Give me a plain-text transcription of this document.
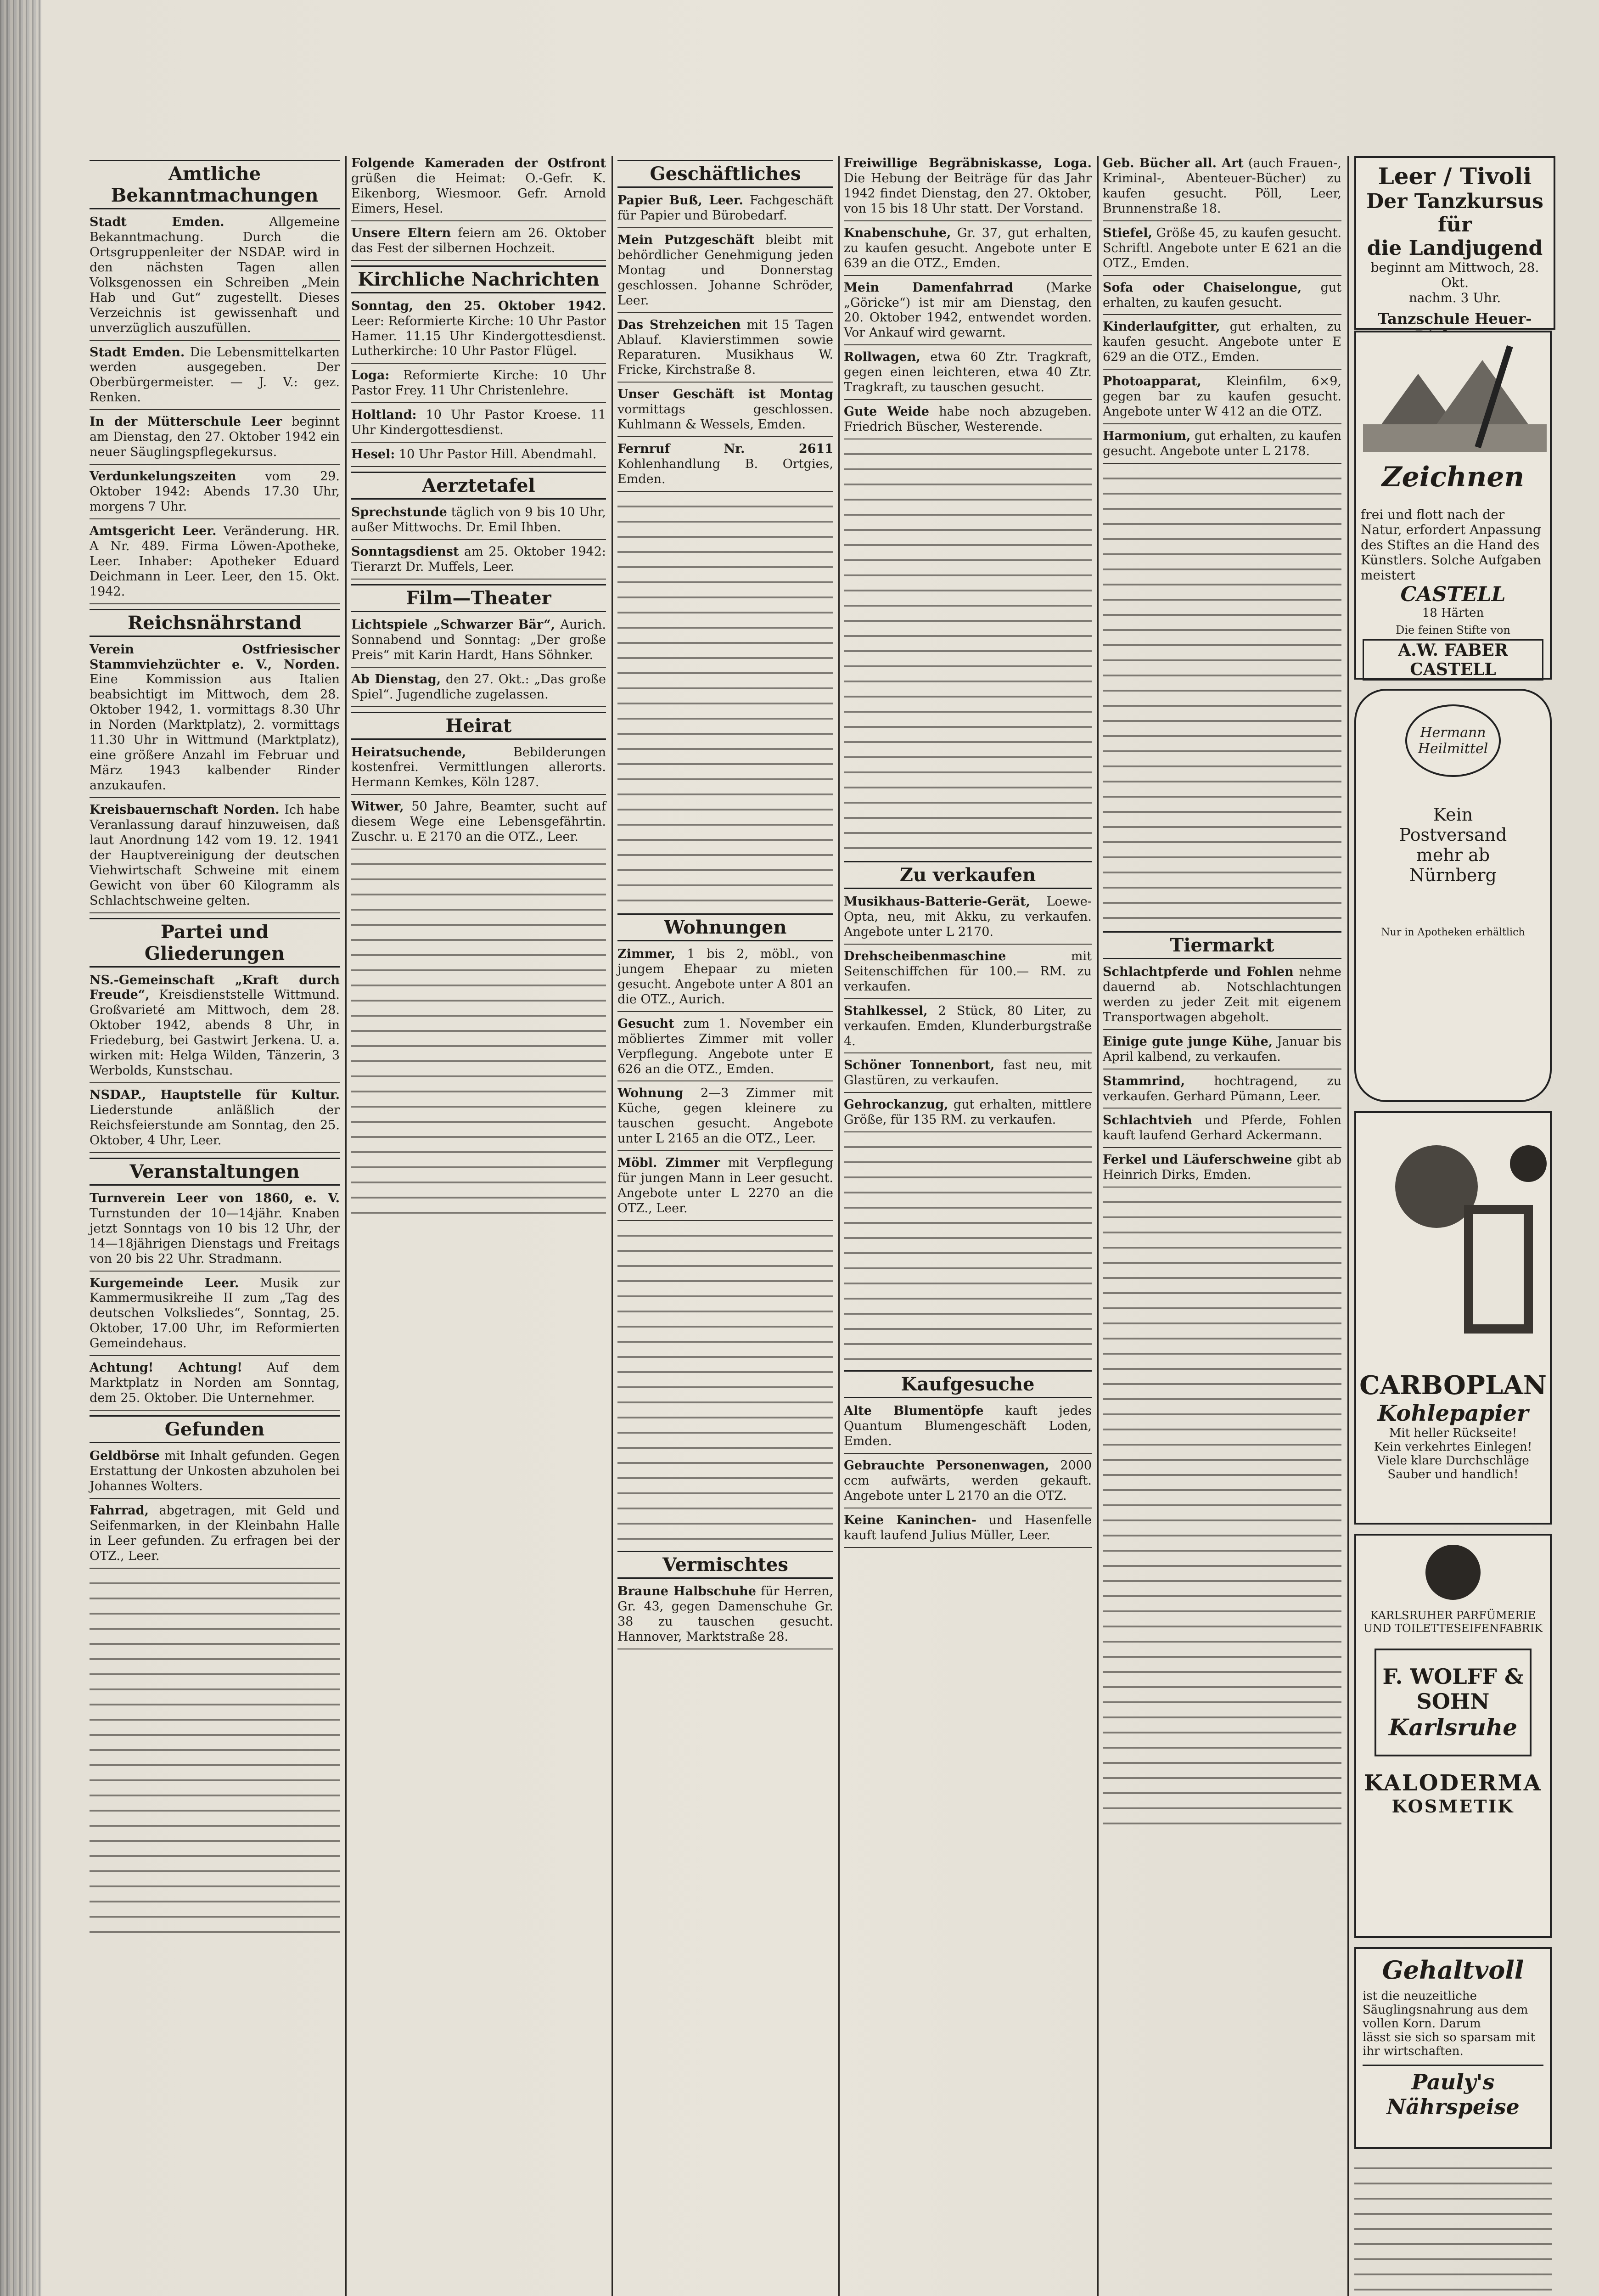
Amtliche Bekanntmachungen
Stadt Emden.	Allgemeine Bekanntmachung. Durch die Ortsgruppenleiter der NSDAP. wird in den nächsten Tagen allen Volksgenossen ein Schreiben „Mein Hab und Gut“ zugestellt. Dieses Verzeichnis ist gewissenhaft und unverzüglich auszufüllen.
Stadt Emden. Die Lebensmittelkarten werden ausgegeben. Der Oberbürgermeister. — J. V.: gez. Renken.
In der Mütterschule Leer beginnt am Dienstag, den 27. Oktober 1942 ein neuer Säuglingspflegekursus.
Verdunkelungszeiten vom 29. Oktober 1942: Abends 17.30 Uhr, morgens 7 Uhr.
Amtsgericht Leer. Veränderung. HR. A Nr. 489. Firma Löwen-Apotheke, Leer. Inhaber: Apotheker Eduard Deichmann in Leer. Leer, den 15. Okt. 1942.
Reichsnährstand
Verein Ostfriesischer Stammviehzüchter e. V., Norden. Eine Kommission aus Italien beabsichtigt im Mittwoch, dem 28. Oktober 1942, 1. vormittags 8.30 Uhr in Norden (Marktplatz), 2. vormittags 11.30 Uhr in Wittmund (Marktplatz), eine größere Anzahl im Februar und März 1943 kalbender Rinder anzukaufen.
Kreisbauernschaft Norden. Ich habe Veranlassung darauf hinzuweisen, daß laut Anordnung 142 vom 19. 12. 1941 der Hauptvereinigung der deutschen Viehwirtschaft Schweine mit einem Gewicht von über 60 Kilogramm als Schlachtschweine gelten.
Partei und Gliederungen
NS.-Gemeinschaft „Kraft durch Freude“, Kreisdienststelle Wittmund. Großvarieté am Mittwoch, dem 28. Oktober 1942, abends 8 Uhr, in Friedeburg, bei Gastwirt Jerkena. U. a. wirken mit: Helga Wilden, Tänzerin, 3 Werbolds, Kunstschau.
NSDAP., Hauptstelle für Kultur. Liederstunde anläßlich der Reichsfeierstunde am Sonntag, den 25. Oktober, 4 Uhr, Leer.
Veranstaltungen
Turnverein Leer von 1860, e. V. Turnstunden der 10—14jähr. Knaben jetzt Sonntags von 10 bis 12 Uhr, der 14—18jährigen Dienstags und Freitags von 20 bis 22 Uhr. Stradmann.
Kurgemeinde Leer. Musik zur Kammermusikreihe II zum „Tag des deutschen Volksliedes“, Sonntag, 25. Oktober, 17.00 Uhr, im Reformierten Gemeindehaus.
Achtung! Achtung! Auf dem Marktplatz in Norden am Sonntag, dem 25. Oktober. Die Unternehmer.
Gefunden
Geldbörse mit Inhalt gefunden. Gegen Erstattung der Unkosten abzuholen bei Johannes Wolters.
Fahrrad, abgetragen, mit Geld und Seifenmarken, in der Kleinbahn Halle in Leer gefunden. Zu erfragen bei der OTZ., Leer.
Folgende Kameraden der Ostfront grüßen die Heimat: O.-Gefr. K. Eikenborg, Wiesmoor. Gefr. Arnold Eimers, Hesel.
Unsere Eltern feiern am 26. Oktober das Fest der silbernen Hochzeit.
Kirchliche Nachrichten
Sonntag, den 25. Oktober 1942. Leer: Reformierte Kirche: 10 Uhr Pastor Hamer. 11.15 Uhr Kindergottesdienst. Lutherkirche: 10 Uhr Pastor Flügel.
Loga: Reformierte Kirche: 10 Uhr Pastor Frey. 11 Uhr Christenlehre.
Holtland: 10 Uhr Pastor Kroese. 11 Uhr Kindergottesdienst.
Hesel: 10 Uhr Pastor Hill. Abendmahl.
Aerztetafel
Sprechstunde täglich von 9 bis 10 Uhr, außer Mittwochs. Dr. Emil Ihben.
Sonntagsdienst am 25. Oktober 1942: Tierarzt Dr. Muffels, Leer.
Film—Theater
Lichtspiele „Schwarzer Bär“, Aurich. Sonnabend und Sonntag: „Der große Preis“ mit Karin Hardt, Hans Söhnker.
Ab Dienstag, den 27. Okt.: „Das große Spiel“. Jugendliche zugelassen.
Heirat
Heiratsuchende,	Bebilderungen kostenfrei. Vermittlungen allerorts. Hermann Kemkes, Köln 1287.
Witwer, 50 Jahre, Beamter, sucht auf diesem Wege eine Lebensgefährtin. Zuschr. u. E 2170 an die OTZ., Leer.
Geschäftliches
Papier Buß, Leer. Fachgeschäft für Papier und Bürobedarf.
Mein Putzgeschäft bleibt mit behördlicher Genehmigung jeden Montag und Donnerstag geschlossen. Johanne Schröder, Leer.
Das Strehzeichen mit 15 Tagen Ablauf. Klavierstimmen sowie Reparaturen. Musikhaus W. Fricke, Kirchstraße 8.
Unser Geschäft ist Montag vormittags geschlossen. Kuhlmann & Wessels, Emden.
Fernruf Nr. 2611 Kohlenhandlung B. Ortgies, Emden.
Wohnungen
Zimmer, 1 bis 2, möbl., von jungem Ehepaar zu mieten gesucht. Angebote unter A 801 an die OTZ., Aurich.
Gesucht zum 1. November ein möbliertes Zimmer mit voller Verpflegung. Angebote unter E 626 an die OTZ., Emden.
Wohnung 2—3 Zimmer mit Küche, gegen kleinere zu tauschen gesucht. Angebote unter L 2165 an die OTZ., Leer.
Möbl. Zimmer mit Verpflegung für jungen Mann in Leer gesucht. Angebote unter L 2270 an die OTZ., Leer.
Vermischtes
Braune Halbschuhe für Herren, Gr. 43, gegen Damenschuhe Gr. 38 zu tauschen gesucht. Hannover, Marktstraße 28.
Freiwillige Begräbniskasse, Loga. Die Hebung der Beiträge für das Jahr 1942 findet Dienstag, den 27. Oktober, von 15 bis 18 Uhr statt. Der Vorstand.
Knabenschuhe, Gr. 37, gut erhalten, zu kaufen gesucht. Angebote unter E 639 an die OTZ., Emden.
Mein Damenfahrrad	(Marke „Göricke“) ist mir am Dienstag, den 20. Oktober 1942, entwendet worden. Vor Ankauf wird gewarnt.
Rollwagen, etwa 60 Ztr. Tragkraft, gegen einen leichteren, etwa 40 Ztr. Tragkraft, zu tauschen gesucht.
Gute Weide habe noch abzugeben. Friedrich Büscher, Westerende.
Zu verkaufen
Musikhaus-Batterie-Gerät, Loewe-Opta, neu, mit Akku, zu verkaufen. Angebote unter L 2170.
Drehscheibenmaschine	mit Seitenschiffchen für 100.— RM. zu verkaufen.
Stahlkessel, 2 Stück, 80 Liter, zu verkaufen. Emden, Klunderburgstraße 4.
Schöner Tonnenbort, fast neu, mit Glastüren, zu verkaufen.
Gehrockanzug, gut erhalten, mittlere Größe, für 135 RM. zu verkaufen.
Kaufgesuche
Alte Blumentöpfe kauft jedes Quantum Blumengeschäft Loden, Emden.
Gebrauchte Personenwagen, 2000 ccm aufwärts, werden gekauft. Angebote unter L 2170 an die OTZ.
Keine Kaninchen- und Hasenfelle kauft laufend Julius Müller, Leer.
Geb. Bücher all. Art (auch Frauen-, Kriminal-, Abenteuer-Bücher) zu kaufen gesucht. Pöll, Leer, Brunnenstraße 18.
Stiefel, Größe 45, zu kaufen gesucht. Schriftl. Angebote unter E 621 an die OTZ., Emden.
Sofa oder Chaiselongue, gut erhalten, zu kaufen gesucht.
Kinderlaufgitter, gut erhalten, zu kaufen gesucht. Angebote unter E 629 an die OTZ., Emden.
Photoapparat, Kleinfilm, 6×9, gegen bar zu kaufen gesucht. Angebote unter W 412 an die OTZ.
Harmonium, gut erhalten, zu kaufen gesucht. Angebote unter L 2178.
Tiermarkt
Schlachtpferde und Fohlen nehme dauernd ab. Notschlachtungen werden zu jeder Zeit mit eigenem Transportwagen abgeholt.
Einige gute junge Kühe, Januar bis April kalbend, zu verkaufen.
Stammrind, hochtragend, zu verkaufen. Gerhard Pümann, Leer.
Schlachtvieh und Pferde, Fohlen kauft laufend Gerhard Ackermann.
Ferkel und Läuferschweine gibt ab Heinrich Dirks, Emden.
Leer / Tivoli
Der Tanzkursus für
die Landjugend
beginnt am Mittwoch, 28. Okt.
nachm. 3 Uhr.
Tanzschule Heuer-
Zeichnen
frei und flott nach der Natur, erfordert Anpassung des Stiftes an die Hand des Künstlers. Solche Aufgaben meistert
CASTELL
18 Härten
Die feinen Stifte von
A.W. FABER CASTELL
Hermann Heilmittel
Kein
Postversand
mehr ab
Nürnberg
Nur in Apotheken erhältlich
CARBOPLAN
Kohlepapier
Mit heller Rückseite!
Kein verkehrtes Einlegen!
Viele klare Durchschläge
Sauber und handlich!
KARLSRUHER PARFÜMERIE
UND TOILETTESEIFENFABRIK
F. WOLFF & SOHN
Karlsruhe
KALODERMA
KOSMETIK
Gehaltvoll
ist die neuzeitliche Säuglingsnahrung aus dem vollen Korn. Darum
lässt sie sich so sparsam mit ihr wirtschaften.
Pauly's Nährspeise
